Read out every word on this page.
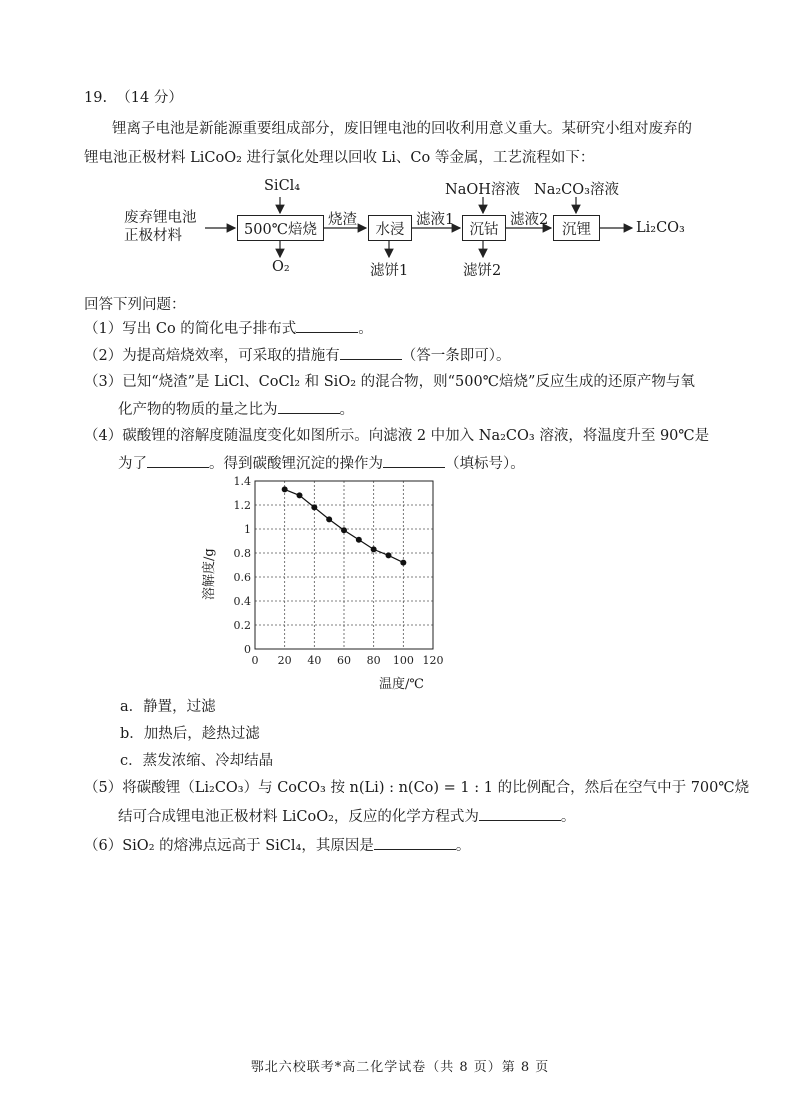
19. （14 分）
锂离子电池是新能源重要组成部分，废旧锂电池的回收利用意义重大。某研究小组对废弃的
锂电池正极材料 LiCoO₂ 进行氯化处理以回收 Li、Co 等金属，工艺流程如下：
废弃锂电池
正极材料
SiCl₄
500℃焙烧
O₂
烧渣
水浸
滤饼1
滤液1
NaOH溶液
沉钴
滤饼2
滤液2
Na₂CO₃溶液
沉锂	Li₂CO₃
回答下列问题：
（1）写出 Co 的简化电子排布式	。
（2）为提高焙烧效率，可采取的措施有	（答一条即可）。
（3）已知“烧渣”是 LiCl、CoCl₂ 和 SiO₂ 的混合物，则“500℃焙烧”反应生成的还原产物与氧
化产物的物质的量之比为	。
（4）碳酸锂的溶解度随温度变化如图所示。向滤液 2 中加入 Na₂CO₃ 溶液，将温度升至 90℃是
为了	。得到碳酸锂沉淀的操作为	（填标号）。
0 20 40 60 80 100 120
0
0.2
0.4
0.6
0.8
1
1.2
1.4
溶解度/g
温度/℃
a．静置，过滤
b．加热后，趁热过滤
c．蒸发浓缩、冷却结晶
（5）将碳酸锂（Li₂CO₃）与 CoCO₃ 按 n(Li) : n(Co) = 1 : 1 的比例配合，然后在空气中于 700℃烧
结可合成锂电池正极材料 LiCoO₂，反应的化学方程式为	。
（6）SiO₂ 的熔沸点远高于 SiCl₄，其原因是	。
鄂北六校联考*高二化学试卷（共 8 页）第 8 页
